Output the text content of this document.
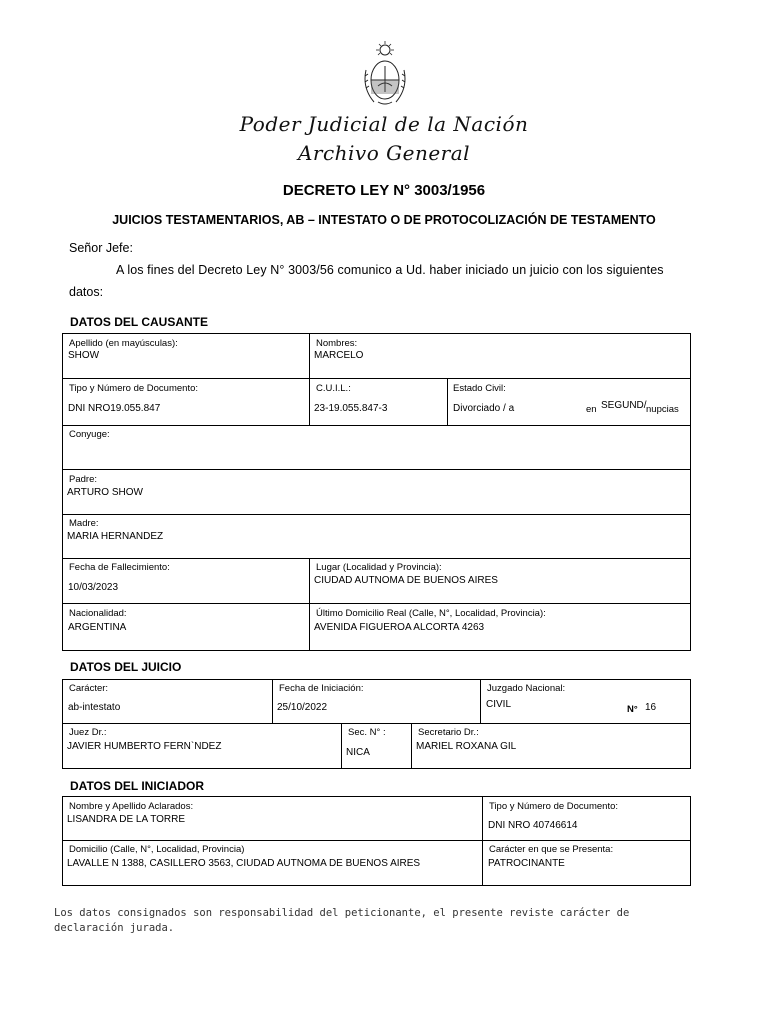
Poder Judicial de la Nación
Archivo General
DECRETO LEY N° 3003/1956
JUICIOS TESTAMENTARIOS, AB – INTESTATO O DE PROTOCOLIZACIÓN DE TESTAMENTO
Señor Jefe:
A los fines del Decreto Ley N° 3003/56 comunico a Ud. haber iniciado un juicio con los siguientes
datos:
DATOS DEL CAUSANTE
Apellido (en mayúsculas):
SHOW
Nombres:
MARCELO
Tipo y Número de Documento:
DNI NRO19.055.847
C.U.I.L.:
23-19.055.847-3
Estado Civil:
Divorciado / a	en SEGUND/ nupcias
Conyuge:
Padre:
ARTURO SHOW
Madre:
MARIA HERNANDEZ
Fecha de Fallecimiento:
10/03/2023
Lugar (Localidad y Provincia):
CIUDAD AUTNOMA DE BUENOS AIRES
Nacionalidad:
ARGENTINA
Último Domicilio Real (Calle, N°, Localidad, Provincia):
AVENIDA FIGUEROA ALCORTA 4263
DATOS DEL JUICIO
Carácter:
ab-intestato
Fecha de Iniciación:
25/10/2022
Juzgado Nacional:
CIVIL	N° 16
Juez Dr.:
JAVIER HUMBERTO FERN`NDEZ
Sec. N° :
NICA
Secretario Dr.:
MARIEL ROXANA GIL
DATOS DEL INICIADOR
Nombre y Apellido Aclarados:
LISANDRA DE LA TORRE
Tipo y Número de Documento:
DNI NRO 40746614
Domicilio (Calle, N°, Localidad, Provincia)
LAVALLE N 1388, CASILLERO 3563, CIUDAD AUTNOMA DE BUENOS AIRES
Carácter en que se Presenta:
PATROCINANTE
Los datos consignados son responsabilidad del peticionante, el presente reviste carácter de
declaración jurada.
